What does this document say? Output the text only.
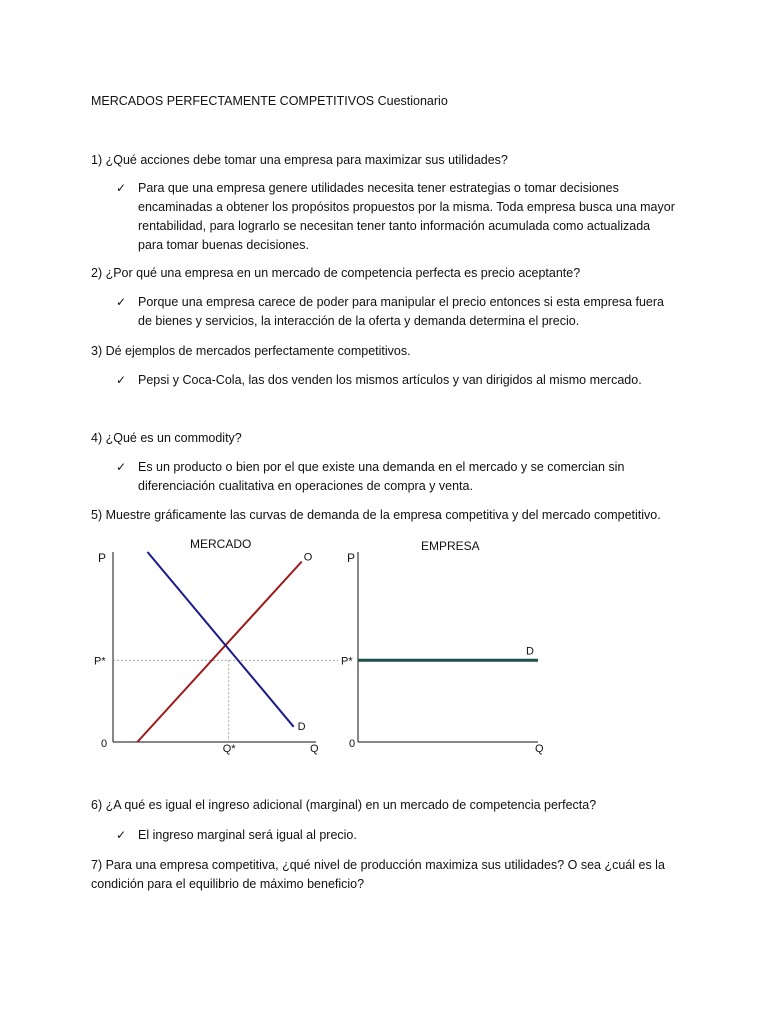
MERCADOS PERFECTAMENTE COMPETITIVOS Cuestionario
1) ¿Qué acciones debe tomar una empresa para maximizar sus utilidades?
✓ Para que una empresa genere utilidades necesita tener estrategias o tomar decisiones encaminadas a obtener los propósitos propuestos por la misma. Toda empresa busca una mayor rentabilidad, para lograrlo se necesitan tener tanto información acumulada como actualizada para tomar buenas decisiones.
2) ¿Por qué una empresa en un mercado de competencia perfecta es precio aceptante?
✓ Porque una empresa carece de poder para manipular el precio entonces si esta empresa fuera de bienes y servicios, la interacción de la oferta y demanda determina el precio.
3) Dé ejemplos de mercados perfectamente competitivos.
✓ Pepsi y Coca-Cola, las dos venden los mismos artículos y van dirigidos al mismo mercado.
4) ¿Qué es un commodity?
✓ Es un producto o bien por el que existe una demanda en el mercado y se comercian sin diferenciación cualitativa en operaciones de compra y venta.
5) Muestre gráficamente las curvas de demanda de la empresa competitiva y del mercado competitivo.
MERCADO
P
0	Q
P*
Q*
O
D
EMPRESA
P
0	Q
P*
D
6) ¿A qué es igual el ingreso adicional (marginal) en un mercado de competencia perfecta?
✓ El ingreso marginal será igual al precio.
7) Para una empresa competitiva, ¿qué nivel de producción maximiza sus utilidades? O sea ¿cuál es la condición para el equilibrio de máximo beneficio?
